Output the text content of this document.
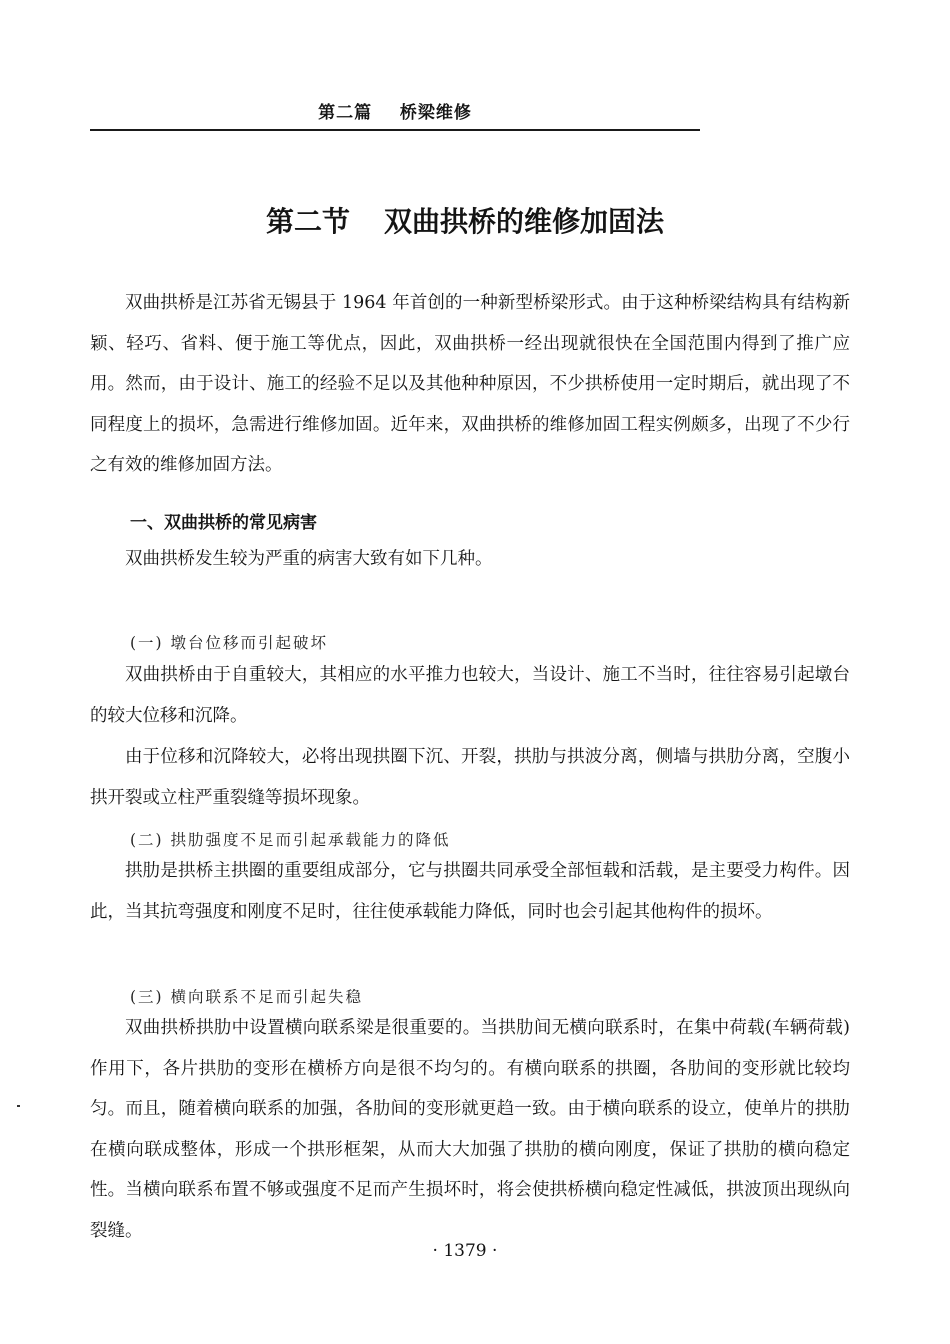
第二篇 桥梁维修
第二节 双曲拱桥的维修加固法

双曲拱桥是江苏省无锡县于 1964 年首创的一种新型桥梁形式。由于这种桥梁结构具有结构新颖、轻巧、省料、便于施工等优点，因此，双曲拱桥一经出现就很快在全国范围内得到了推广应用。然而，由于设计、施工的经验不足以及其他种种原因，不少拱桥使用一定时期后，就出现了不同程度上的损坏，急需进行维修加固。近年来，双曲拱桥的维修加固工程实例颇多，出现了不少行之有效的维修加固方法。

一、双曲拱桥的常见病害

双曲拱桥发生较为严重的病害大致有如下几种。

(一) 墩台位移而引起破坏

双曲拱桥由于自重较大，其相应的水平推力也较大，当设计、施工不当时，往往容易引起墩台的较大位移和沉降。

由于位移和沉降较大，必将出现拱圈下沉、开裂，拱肋与拱波分离，侧墙与拱肋分离，空腹小拱开裂或立柱严重裂缝等损坏现象。

(二) 拱肋强度不足而引起承载能力的降低

拱肋是拱桥主拱圈的重要组成部分，它与拱圈共同承受全部恒载和活载，是主要受力构件。因此，当其抗弯强度和刚度不足时，往往使承载能力降低，同时也会引起其他构件的损坏。

(三) 横向联系不足而引起失稳

双曲拱桥拱肋中设置横向联系梁是很重要的。当拱肋间无横向联系时，在集中荷载(车辆荷载)作用下，各片拱肋的变形在横桥方向是很不均匀的。有横向联系的拱圈，各肋间的变形就比较均匀。而且，随着横向联系的加强，各肋间的变形就更趋一致。由于横向联系的设立，使单片的拱肋在横向联成整体，形成一个拱形框架，从而大大加强了拱肋的横向刚度，保证了拱肋的横向稳定性。当横向联系布置不够或强度不足而产生损坏时，将会使拱桥横向稳定性减低，拱波顶出现纵向裂缝。

· 1379 ·
